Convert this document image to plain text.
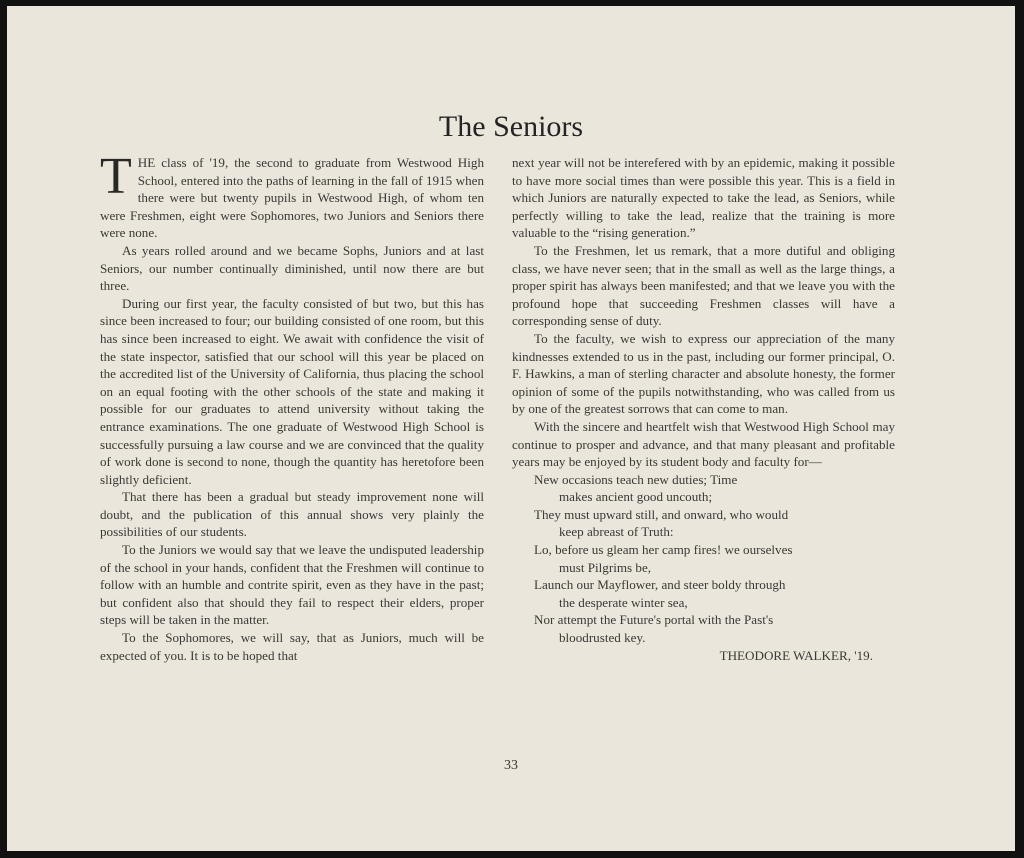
The Seniors

THE class of '19, the second to graduate from Westwood High School, entered into the paths of learning in the fall of 1915 when there were but twenty pupils in Westwood High, of whom ten were Freshmen, eight were Sophomores, two Juniors and Seniors there were none.

As years rolled around and we became Sophs, Juniors and at last Seniors, our number continually diminished, until now there are but three.

During our first year, the faculty consisted of but two, but this has since been increased to four; our building consisted of one room, but this has since been increased to eight. We await with confidence the visit of the state inspector, satisfied that our school will this year be placed on the accredited list of the University of California, thus placing the school on an equal footing with the other schools of the state and making it possible for our graduates to attend university without taking the entrance examinations. The one graduate of Westwood High School is successfully pursuing a law course and we are convinced that the quality of work done is second to none, though the quantity has heretofore been slightly deficient.

That there has been a gradual but steady improvement none will doubt, and the publication of this annual shows very plainly the possibilities of our students.

To the Juniors we would say that we leave the undisputed leadership of the school in your hands, confident that the Freshmen will continue to follow with an humble and contrite spirit, even as they have in the past; but confident also that should they fail to respect their elders, proper steps will be taken in the matter.

To the Sophomores, we will say, that as Juniors, much will be expected of you. It is to be hoped that

next year will not be interefered with by an epidemic, making it possible to have more social times than were possible this year. This is a field in which Juniors are naturally expected to take the lead, as Seniors, while perfectly willing to take the lead, realize that the training is more valuable to the “rising generation.”

To the Freshmen, let us remark, that a more dutiful and obliging class, we have never seen; that in the small as well as the large things, a proper spirit has always been manifested; and that we leave you with the profound hope that succeeding Freshmen classes will have a corresponding sense of duty.

To the faculty, we wish to express our appreciation of the many kindnesses extended to us in the past, including our former principal, O. F. Hawkins, a man of sterling character and absolute honesty, the former opinion of some of the pupils notwithstanding, who was called from us by one of the greatest sorrows that can come to man.

With the sincere and heartfelt wish that Westwood High School may continue to prosper and advance, and that many pleasant and profitable years may be enjoyed by its student body and faculty for—

New occasions teach new duties; Time
makes ancient good uncouth;
They must upward still, and onward, who would
keep abreast of Truth:
Lo, before us gleam her camp fires! we ourselves
must Pilgrims be,
Launch our Mayflower, and steer boldy through
the desperate winter sea,
Nor attempt the Future's portal with the Past's
bloodrusted key.
THEODORE WALKER, '19.
33
